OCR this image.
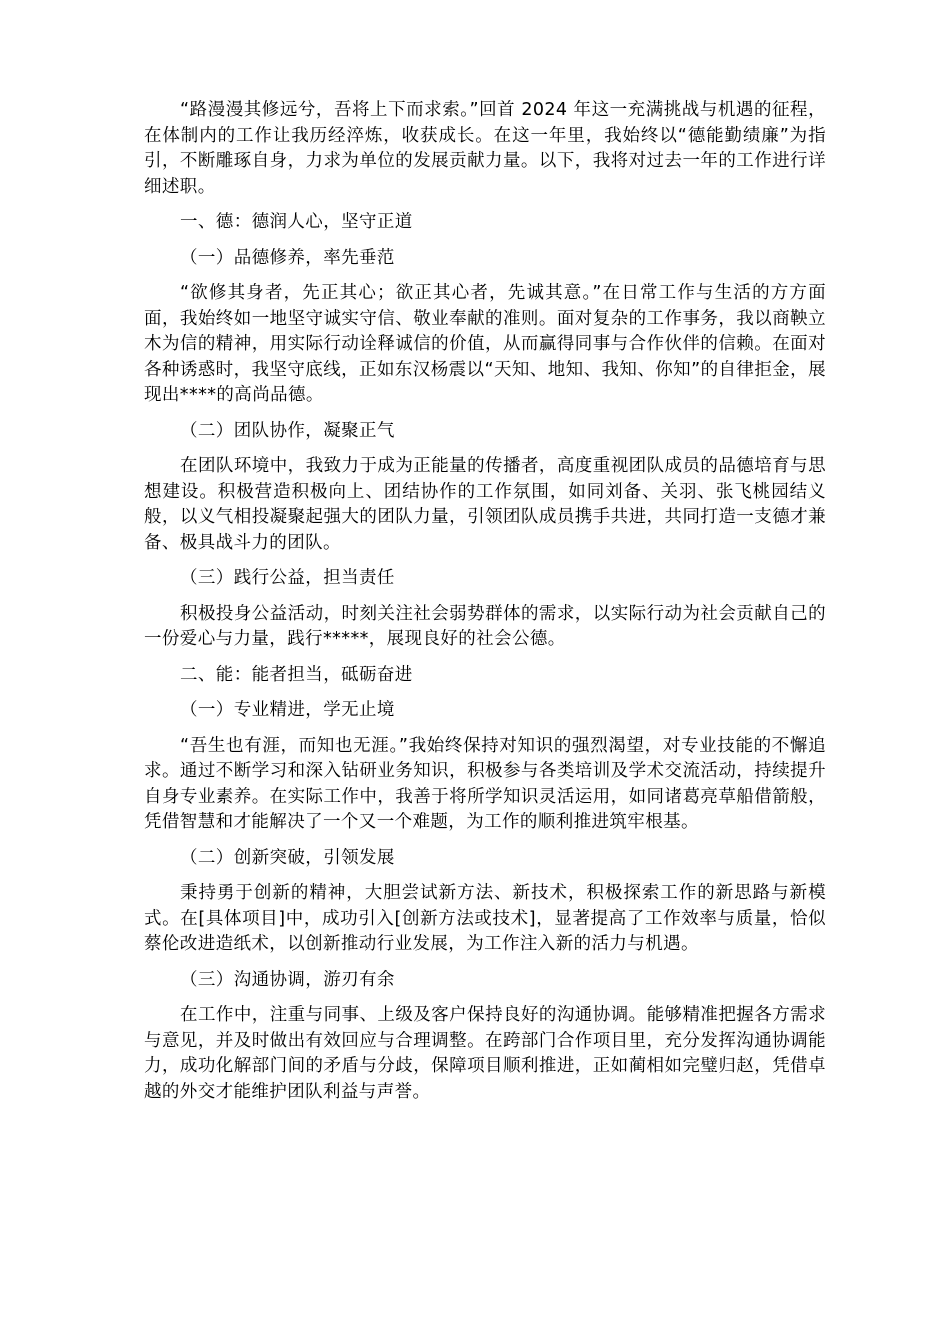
“路漫漫其修远兮，吾将上下而求索。”回首 2024 年这一充满挑战与机遇的征程，在体制内的工作让我历经淬炼，收获成长。在这一年里，我始终以“德能勤绩廉”为指引，不断雕琢自身，力求为单位的发展贡献力量。以下，我将对过去一年的工作进行详细述职。

一、德：德润人心，坚守正道

（一）品德修养，率先垂范

“欲修其身者，先正其心；欲正其心者，先诚其意。”在日常工作与生活的方方面面，我始终如一地坚守诚实守信、敬业奉献的准则。面对复杂的工作事务，我以商鞅立木为信的精神，用实际行动诠释诚信的价值，从而赢得同事与合作伙伴的信赖。在面对各种诱惑时，我坚守底线，正如东汉杨震以“天知、地知、我知、你知”的自律拒金，展现出****的高尚品德。

（二）团队协作，凝聚正气

在团队环境中，我致力于成为正能量的传播者，高度重视团队成员的品德培育与思想建设。积极营造积极向上、团结协作的工作氛围，如同刘备、关羽、张飞桃园结义般，以义气相投凝聚起强大的团队力量，引领团队成员携手共进，共同打造一支德才兼备、极具战斗力的团队。

（三）践行公益，担当责任

积极投身公益活动，时刻关注社会弱势群体的需求，以实际行动为社会贡献自己的一份爱心与力量，践行*****，展现良好的社会公德。

二、能：能者担当，砥砺奋进

（一）专业精进，学无止境

“吾生也有涯，而知也无涯。”我始终保持对知识的强烈渴望，对专业技能的不懈追求。通过不断学习和深入钻研业务知识，积极参与各类培训及学术交流活动，持续提升自身专业素养。在实际工作中，我善于将所学知识灵活运用，如同诸葛亮草船借箭般，凭借智慧和才能解决了一个又一个难题，为工作的顺利推进筑牢根基。

（二）创新突破，引领发展

秉持勇于创新的精神，大胆尝试新方法、新技术，积极探索工作的新思路与新模式。在[具体项目]中，成功引入[创新方法或技术]，显著提高了工作效率与质量，恰似蔡伦改进造纸术，以创新推动行业发展，为工作注入新的活力与机遇。

（三）沟通协调，游刃有余

在工作中，注重与同事、上级及客户保持良好的沟通协调。能够精准把握各方需求与意见，并及时做出有效回应与合理调整。在跨部门合作项目里，充分发挥沟通协调能力，成功化解部门间的矛盾与分歧，保障项目顺利推进，正如蔺相如完璧归赵，凭借卓越的外交才能维护团队利益与声誉。
